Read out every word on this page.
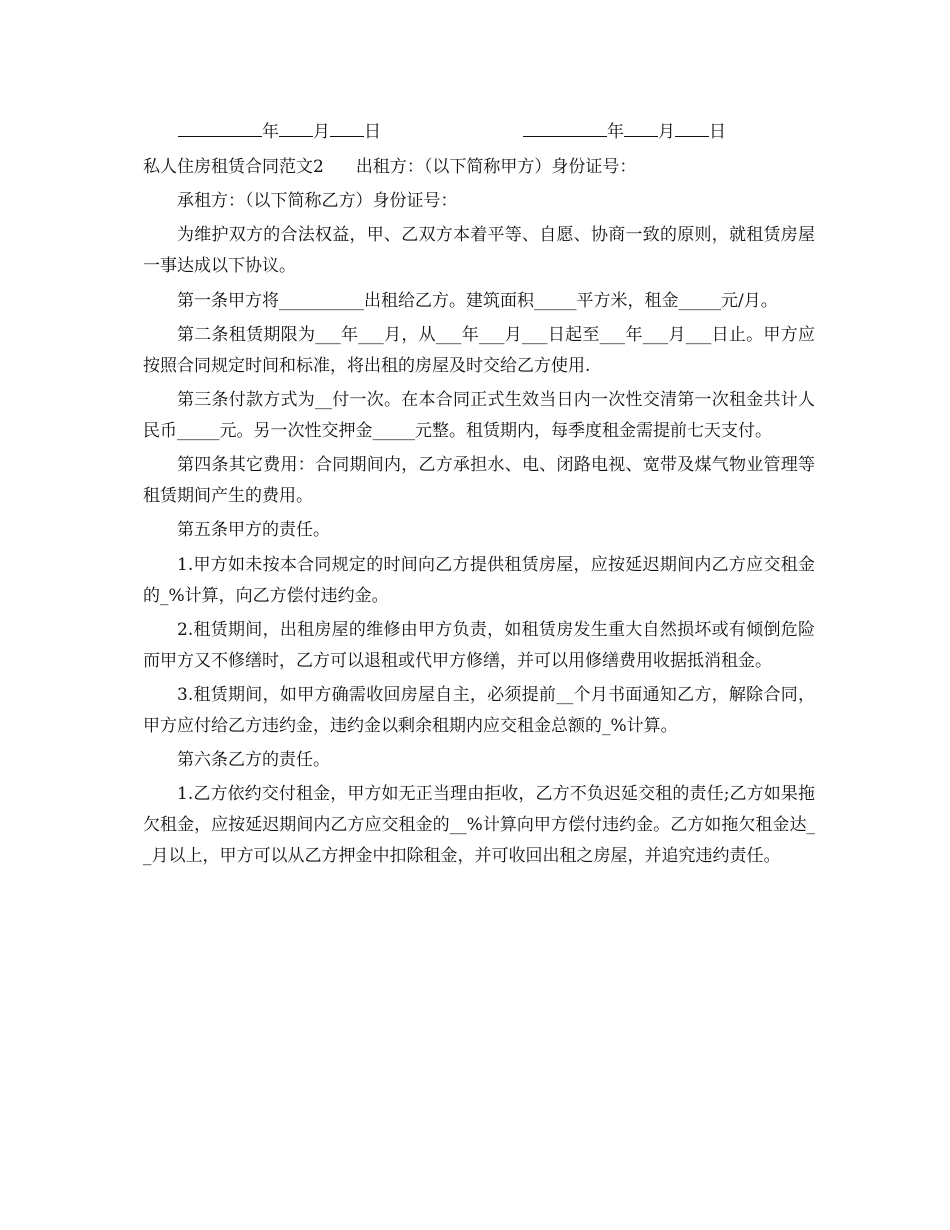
年 月 日	年 月 日

私人住房租赁合同范文2 出租方：（以下简称甲方）身份证号：

承租方：（以下简称乙方）身份证号：

为维护双方的合法权益，甲、乙双方本着平等、自愿、协商一致的原则，就租赁房屋一事达成以下协议。

第一条甲方将__________出租给乙方。建筑面积_____平方米，租金_____元/月。

第二条租赁期限为___年___月，从___年___月___日起至___年___月___日止。甲方应按照合同规定时间和标准，将出租的房屋及时交给乙方使用.

第三条付款方式为__付一次。在本合同正式生效当日内一次性交清第一次租金共计人民币_____元。另一次性交押金_____元整。租赁期内，每季度租金需提前七天支付。

第四条其它费用：合同期间内，乙方承担水、电、闭路电视、宽带及煤气物业管理等租赁期间产生的费用。

第五条甲方的责任。

1.甲方如未按本合同规定的时间向乙方提供租赁房屋，应按延迟期间内乙方应交租金的_%计算，向乙方偿付违约金。

2.租赁期间，出租房屋的维修由甲方负责，如租赁房发生重大自然损坏或有倾倒危险而甲方又不修缮时，乙方可以退租或代甲方修缮，并可以用修缮费用收据抵消租金。

3.租赁期间，如甲方确需收回房屋自主，必须提前__个月书面通知乙方，解除合同，甲方应付给乙方违约金，违约金以剩余租期内应交租金总额的_%计算。

第六条乙方的责任。

1.乙方依约交付租金，甲方如无正当理由拒收，乙方不负迟延交租的责任;乙方如果拖欠租金，应按延迟期间内乙方应交租金的__%计算向甲方偿付违约金。乙方如拖欠租金达__月以上，甲方可以从乙方押金中扣除租金，并可收回出租之房屋，并追究违约责任。
